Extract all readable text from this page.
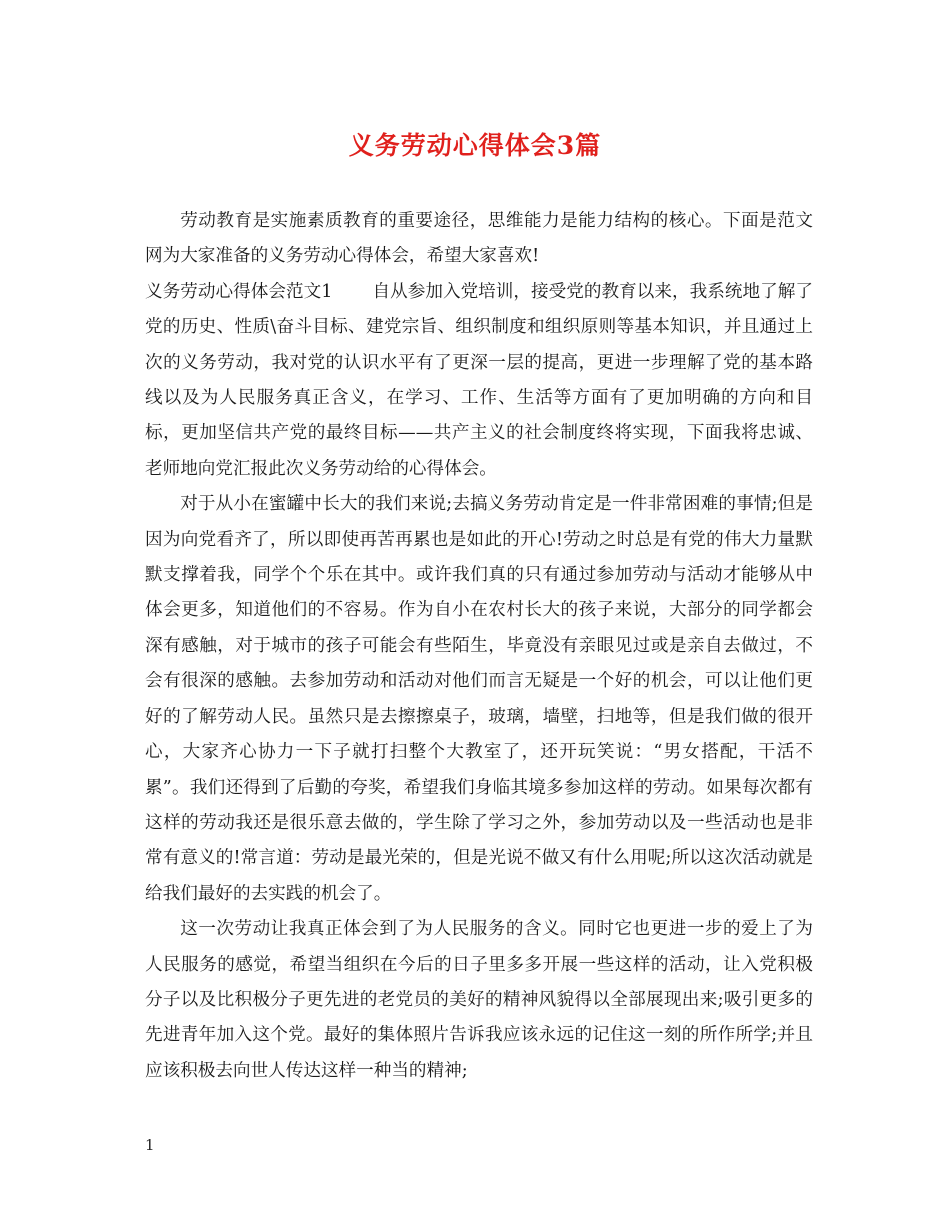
义务劳动心得体会3篇

劳动教育是实施素质教育的重要途径，思维能力是能力结构的核心。下面是范文网为大家准备的义务劳动心得体会，希望大家喜欢!

义务劳动心得体会范文1 自从参加入党培训，接受党的教育以来，我系统地了解了党的历史、性质\奋斗目标、建党宗旨、组织制度和组织原则等基本知识，并且通过上次的义务劳动，我对党的认识水平有了更深一层的提高，更进一步理解了党的基本路线以及为人民服务真正含义，在学习、工作、生活等方面有了更加明确的方向和目标，更加坚信共产党的最终目标——共产主义的社会制度终将实现，下面我将忠诚、老师地向党汇报此次义务劳动给的心得体会。

对于从小在蜜罐中长大的我们来说;去搞义务劳动肯定是一件非常困难的事情;但是因为向党看齐了，所以即使再苦再累也是如此的开心!劳动之时总是有党的伟大力量默默支撑着我，同学个个乐在其中。或许我们真的只有通过参加劳动与活动才能够从中体会更多，知道他们的不容易。作为自小在农村长大的孩子来说，大部分的同学都会深有感触，对于城市的孩子可能会有些陌生，毕竟没有亲眼见过或是亲自去做过，不会有很深的感触。去参加劳动和活动对他们而言无疑是一个好的机会，可以让他们更好的了解劳动人民。虽然只是去擦擦桌子，玻璃，墙壁，扫地等，但是我们做的很开心，大家齐心协力一下子就打扫整个大教室了，还开玩笑说：“男女搭配，干活不累”。我们还得到了后勤的夸奖，希望我们身临其境多参加这样的劳动。如果每次都有这样的劳动我还是很乐意去做的，学生除了学习之外，参加劳动以及一些活动也是非常有意义的!常言道：劳动是最光荣的，但是光说不做又有什么用呢;所以这次活动就是给我们最好的去实践的机会了。

这一次劳动让我真正体会到了为人民服务的含义。同时它也更进一步的爱上了为人民服务的感觉，希望当组织在今后的日子里多多开展一些这样的活动，让入党积极分子以及比积极分子更先进的老党员的美好的精神风貌得以全部展现出来;吸引更多的先进青年加入这个党。最好的集体照片告诉我应该永远的记住这一刻的所作所学;并且应该积极去向世人传达这样一种当的精神;

1
